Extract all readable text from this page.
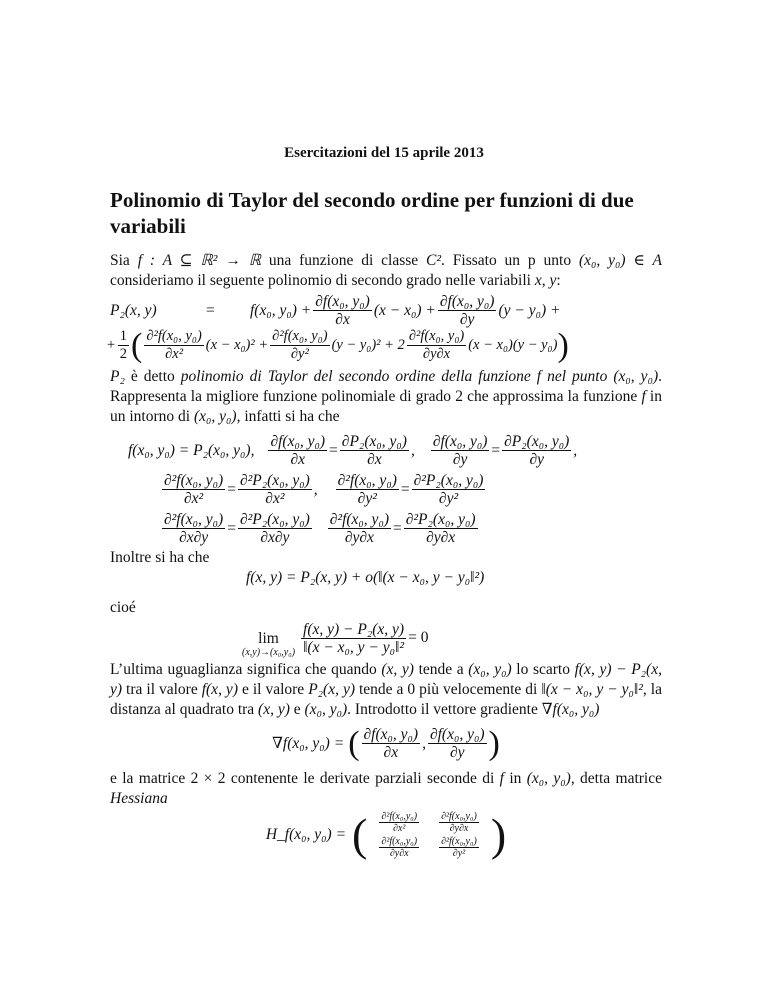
Esercitazioni del 15 aprile 2013
Polinomio di Taylor del secondo ordine per funzioni di due variabili

Sia f : A ⊆ ℝ² → ℝ una funzione di classe C². Fissato un p unto (x₀, y₀) ∈ A consideriamo il seguente polinomio di secondo grado nelle variabili x, y:

P₂(x, y)	=	f(x₀, $y_0) + \frac{\text{∂f(x₀, y₀)}}{\partial x} (x - x_0) + \frac{\text{∂f(x₀, y₀)}}{\partial y} (y - y_0)$ +
+ $\frac{1}{2}$ ( $\frac{\text{∂²f(x₀, y₀)}}{\text{∂x²}} (x - x_0)^2 + \frac{\text{∂²f(x₀, y₀)}}{\text{∂y²}} (y - y_0)^2 + 2 \frac{\text{∂²f(x₀, y₀)}}{\partial y\partial x} (x - x_0)(y - y_0)$ )

P₂ è detto polinomio di Taylor del secondo ordine della funzione f nel punto (x₀, y₀). Rappresenta la migliore funzione polinomiale di grado 2 che approssima la funzione f in un intorno di (x₀, y₀), infatti si ha che

f(x₀, y₀) = P₂(x₀, y₀), $\frac{\text{∂f(x₀, y₀)}}{\partial x} = \frac{\text{∂P₂(x₀, y₀)}}{\partial x}$ , $\frac{\text{∂f(x₀, y₀)}}{\partial y} = \frac{\text{∂P₂(x₀, y₀)}}{\partial y}$ ,
$\frac{\text{∂²f(x₀, y₀)}}{\text{∂x²}} = \frac{\text{∂²P₂(x₀, y₀)}}{\text{∂x²}}$ , $\frac{\text{∂²f(x₀, y₀)}}{\text{∂y²}} = \frac{\text{∂²P₂(x₀, y₀)}}{\text{∂y²}}$
$\frac{\text{∂²f(x₀, y₀)}}{\partial x\partial y} = \frac{\text{∂²P₂(x₀, y₀)}}{\partial x\partial y} \frac{\text{∂²f(x₀, y₀)}}{\partial y\partial x} = \frac{\text{∂²P₂(x₀, y₀)}}{\partial y\partial x}$

Inoltre si ha che

f(x, y) = P₂(x, y) + o(‖(x − x₀, y − y₀‖²)

cioé

lim
$(x,y)\to(x_0,y_0) \frac{\text{f(x, y) − P₂(x, y)}}{\text{‖(x − x₀, y − y₀‖²}} = 0$

L’ultima uguaglianza significa che quando (x, y) tende a (x₀, y₀) lo scarto f(x, y) − P₂(x, y) tra il valore f(x, y) e il valore P₂(x, y) tende a 0 più velocemente di ‖(x − x₀, y − y₀‖², la distanza al quadrato tra (x, y) e (x₀, y₀). Introdotto il vettore gradiente ∇f(x₀, y₀)

∇f(x₀, y₀) = ( $\frac{\text{∂f(x₀, y₀)}}{\partial x}$ , $\frac{\text{∂f(x₀, y₀)}}{\partial y}$ )

e la matrice 2 × 2 contenente le derivate parziali seconde di f in (x₀, y₀), detta matrice Hessiana

H_f(x₀, y₀) = ( $\frac{\text{∂²f(x₀,y₀)}}{\text{∂x²}} \frac{\text{∂²f(x₀,y₀)}}{\partial y\partial x}$
$\frac{\text{∂²f(x₀,y₀)}}{\partial y\partial x} \frac{\text{∂²f(x₀,y₀)}}{\text{∂y²}}$ )
